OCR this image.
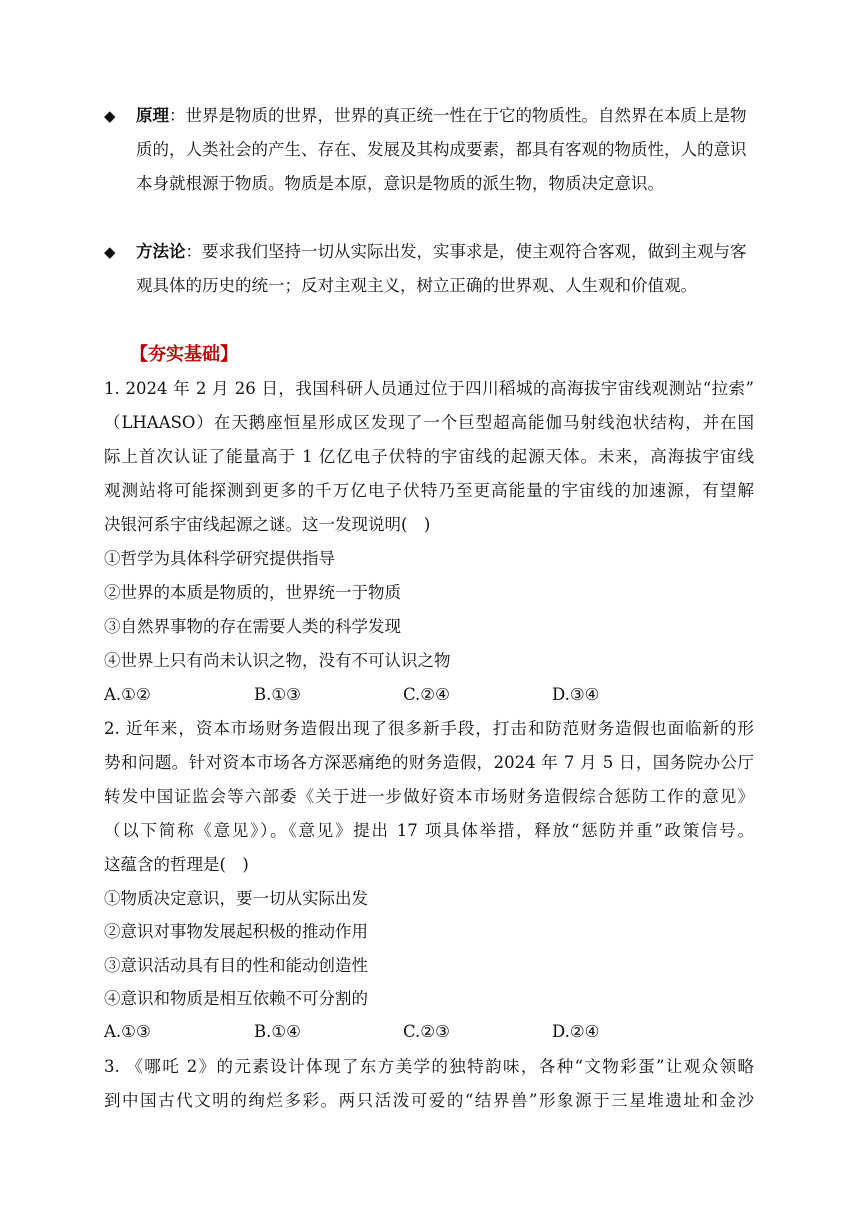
◆	原理：世界是物质的世界，世界的真正统一性在于它的物质性。自然界在本质上是物质的，人类社会的产生、存在、发展及其构成要素，都具有客观的物质性，人的意识本身就根源于物质。物质是本原，意识是物质的派生物，物质决定意识。
◆	方法论：要求我们坚持一切从实际出发，实事求是，使主观符合客观，做到主观与客观具体的历史的统一；反对主观主义，树立正确的世界观、人生观和价值观。
【夯实基础】
1. 2024 年 2 月 26 日，我国科研人员通过位于四川稻城的高海拔宇宙线观测站“拉索”
（LHAASO）在天鹅座恒星形成区发现了一个巨型超高能伽马射线泡状结构，并在国
际上首次认证了能量高于 1 亿亿电子伏特的宇宙线的起源天体。未来，高海拔宇宙线
观测站将可能探测到更多的千万亿电子伏特乃至更高能量的宇宙线的加速源，有望解
决银河系宇宙线起源之谜。这一发现说明(　)
①哲学为具体科学研究提供指导
②世界的本质是物质的，世界统一于物质
③自然界事物的存在需要人类的科学发现
④世界上只有尚未认识之物，没有不可认识之物
A.①②	B.①③	C.②④	D.③④
2. 近年来，资本市场财务造假出现了很多新手段，打击和防范财务造假也面临新的形
势和问题。针对资本市场各方深恶痛绝的财务造假，2024 年 7 月 5 日，国务院办公厅
转发中国证监会等六部委《关于进一步做好资本市场财务造假综合惩防工作的意见》
（以下简称《意见》）。《意见》提出 17 项具体举措，释放“惩防并重”政策信号。
这蕴含的哲理是(　)
①物质决定意识，要一切从实际出发
②意识对事物发展起积极的推动作用
③意识活动具有目的性和能动创造性
④意识和物质是相互依赖不可分割的
A.①③	B.①④	C.②③	D.②④
3. 《哪吒 2》的元素设计体现了东方美学的独特韵味，各种“文物彩蛋”让观众领略
到中国古代文明的绚烂多彩。两只活泼可爱的“结界兽”形象源于三星堆遗址和金沙
